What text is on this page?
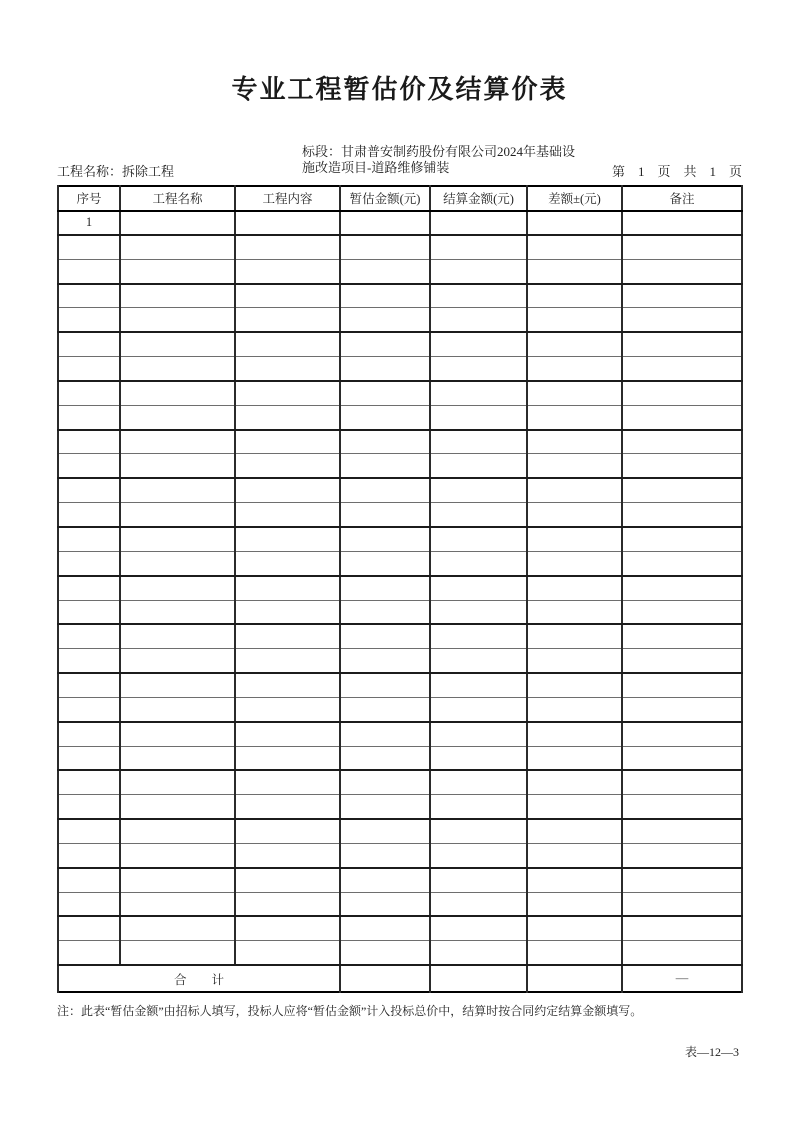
专业工程暂估价及结算价表
工程名称：拆除工程
标段：甘肃普安制药股份有限公司2024年基础设
施改造项目-道路维修铺装	第　1　页　共　1　页
序号	工程名称	工程内容	暂估金额(元)	结算金额(元)	差额±(元)	备注
1						

合　　计						—
注：此表“暂估金额”由招标人填写，投标人应将“暂估金额”计入投标总价中，结算时按合同约定结算金额填写。
表—12—3
